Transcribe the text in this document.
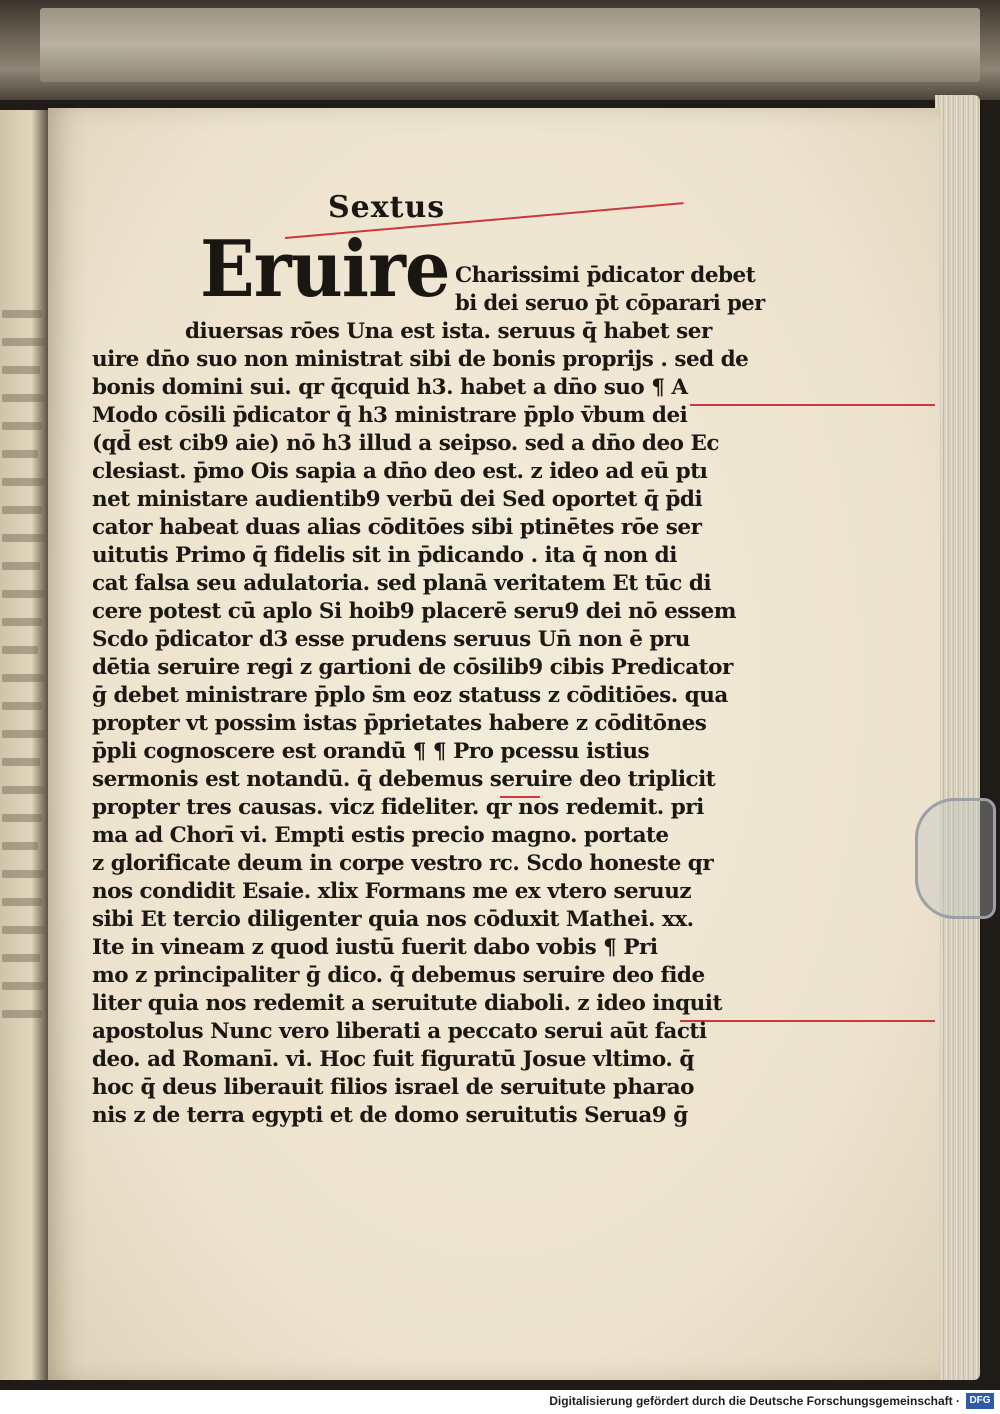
Sextus

Eruire Charissimi p̄dicator debet

bi dei seruo p̄t cōparari per

diuersas rōes Una est ista. seruus q̄ habet ser

uire dn̄o suo non ministrat sibi de bonis proprijs . sed de

bonis domini sui. qr q̄cquid h3. habet a dn̄o suo ¶ A

Modo cōsili p̄dicator q̄ h3 ministrare p̄plo v̄bum dei

(qd̄ est cib9 aie) nō h3 illud a seipso. sed a dn̄o deo Ec

clesiast. p̄mo Ois sapia a dn̄o deo est. z ideo ad eū ptı

net ministare audientib9 verbū dei Sed oportet q̄ p̄di

cator habeat duas alias cōditōes sibi ptinētes rōe ser

uitutis Primo q̄ fidelis sit in p̄dicando . ita q̄ non di

cat falsa seu adulatoria. sed planā veritatem Et tūc di

cere potest cū aplo Si hoib9 placerē seru9 dei nō essem

Scdo p̄dicator d3 esse prudens seruus Un̄ non ē pru

dētia seruire regi z gartioni de cōsilib9 cibis Predicator

ḡ debet ministrare p̄plo s̄m eoz statuss z cōditiōes. qua

propter vt possim istas p̄prietates habere z cōditōnes

p̄pli cognoscere est orandū ¶ ¶ Pro pcessu istius

sermonis est notandū. q̄ debemus seruire deo triplicit

propter tres causas. vicz fideliter. qr nos redemit. pri

ma ad Chorī̄ vi. Empti estis precio magno. portate

z glorificate deum in corpe vestro rc. Scdo honeste qr

nos condidit Esaie. xlix Formans me ex vtero seruuz

sibi Et tercio diligenter quia nos cōduxit Mathei. xx.

Ite in vineam z quod iustū fuerit dabo vobis ¶ Pri

mo z principaliter ḡ dico. q̄ debemus seruire deo fide

liter quia nos redemit a seruitute diaboli. z ideo inquit

apostolus Nunc vero liberati a peccato serui aūt facti

deo. ad Romanī. vi. Hoc fuit figuratū Josue vltimo. q̄

hoc q̄ deus liberauit filios israel de seruitute pharao

nis z de terra egypti et de domo seruitutis Serua9 ḡ

Digitalisierung gefördert durch die Deutsche Forschungsgemeinschaft · DFG
